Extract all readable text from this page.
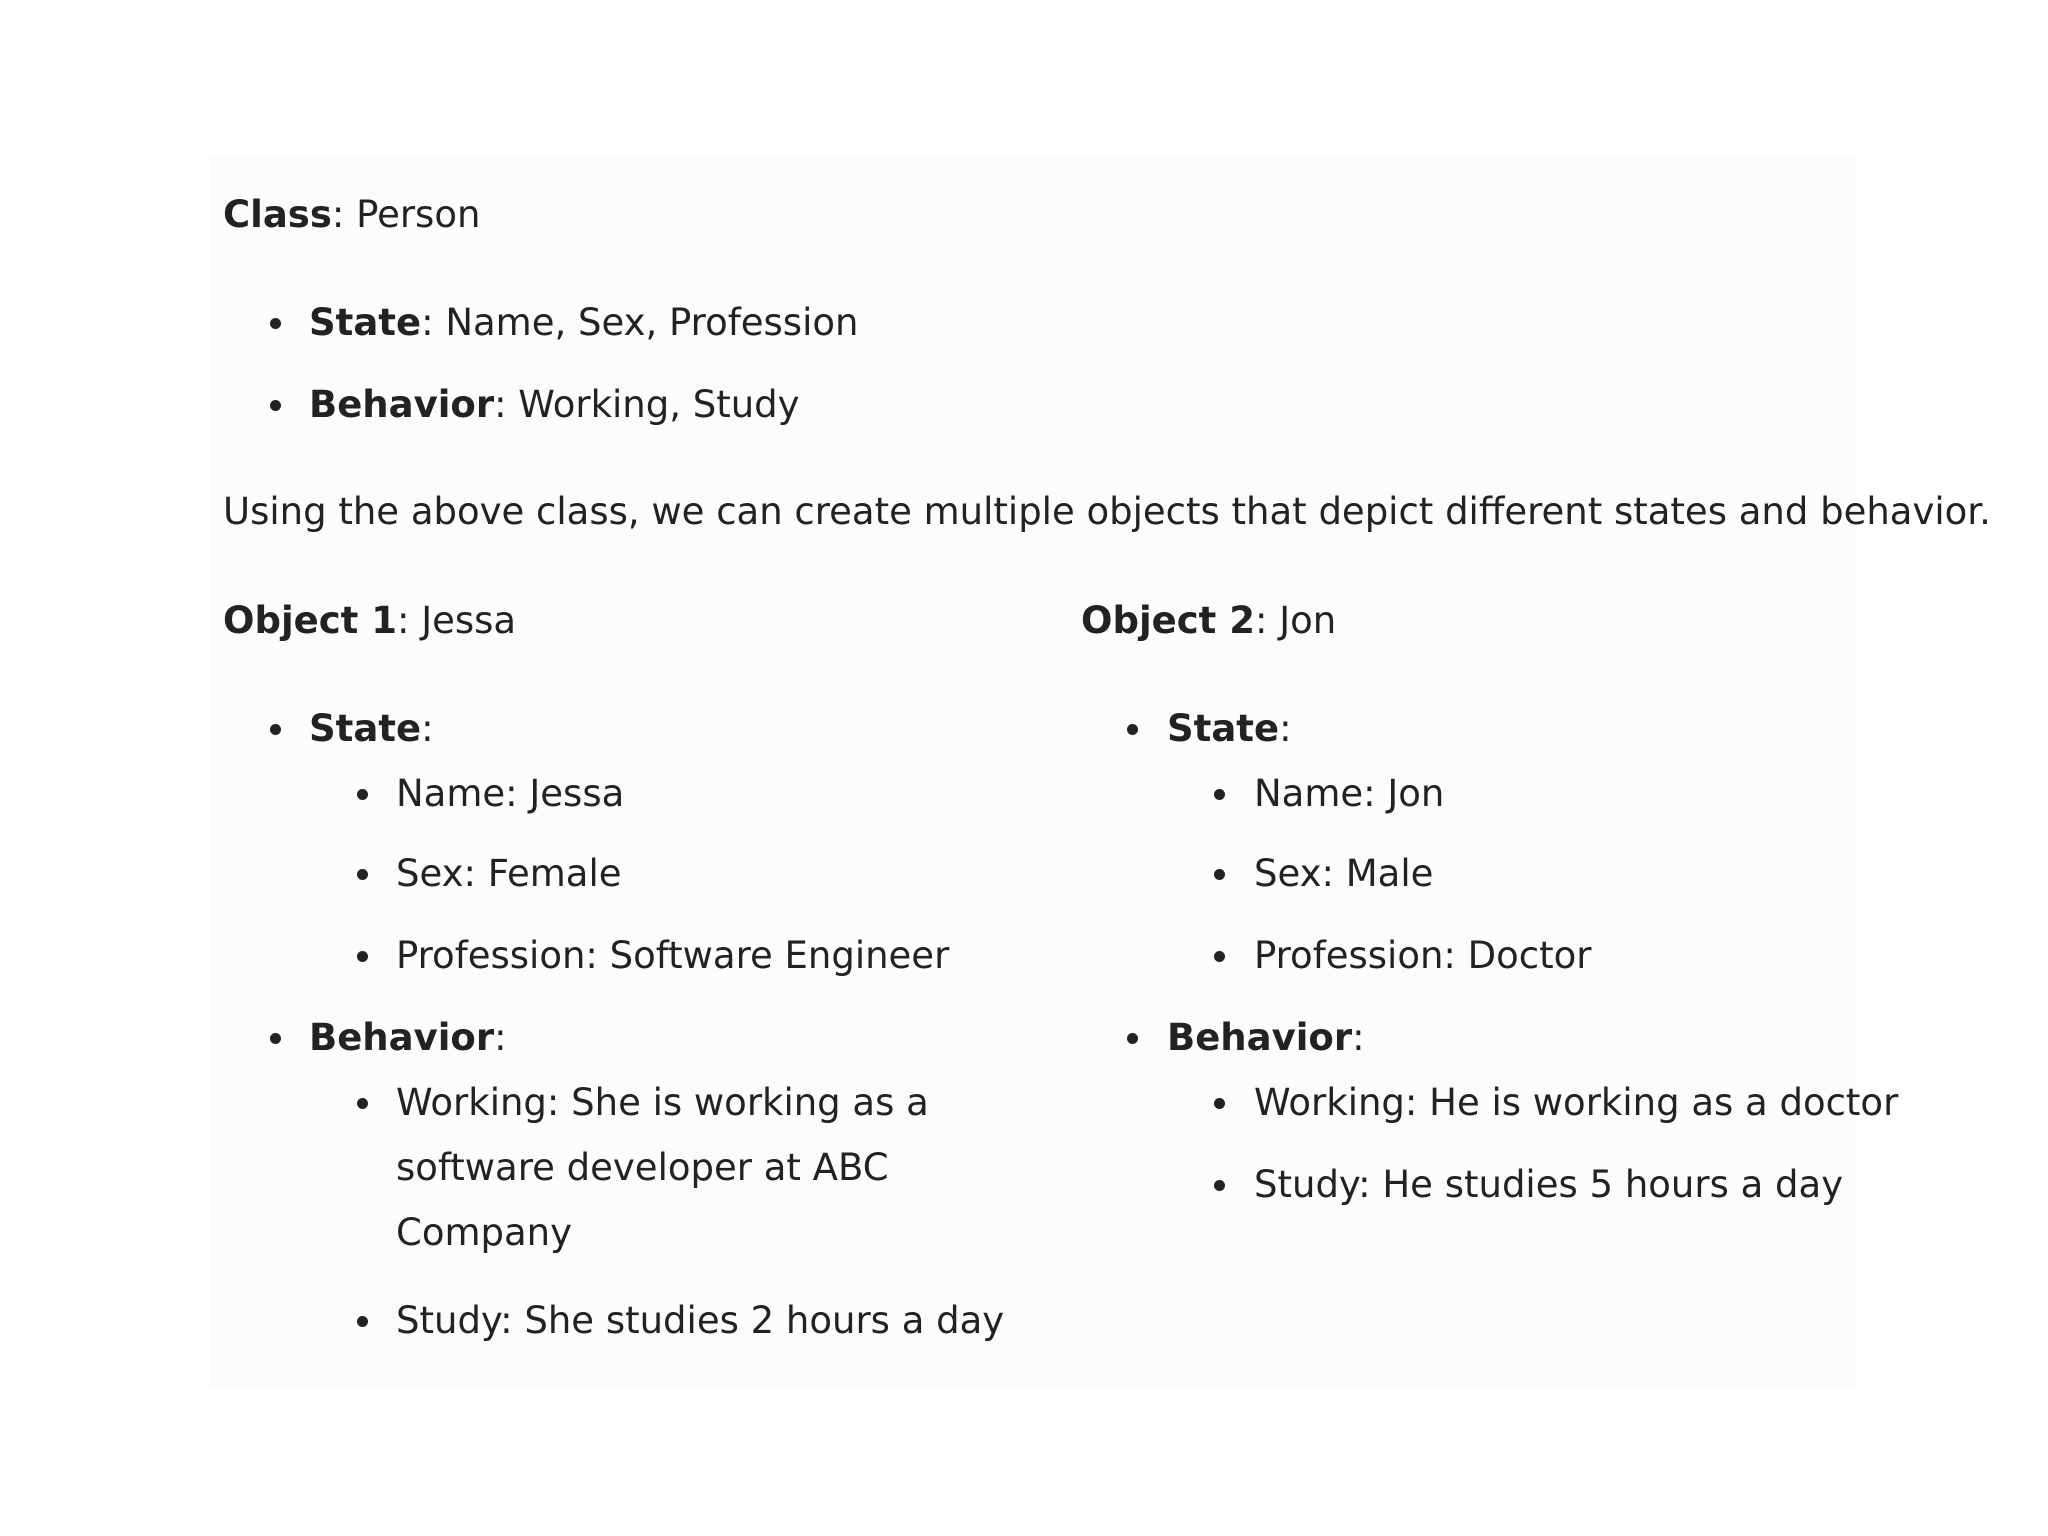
Class: Person
State: Name, Sex, Profession
Behavior: Working, Study
Using the above class, we can create multiple objects that depict different states and behavior.
Object 1: Jessa
State:
Name: Jessa
Sex: Female
Profession: Software Engineer
Behavior:
Working: She is working as a
software developer at ABC
Company
Study: She studies 2 hours a day
Object 2: Jon
State:
Name: Jon
Sex: Male
Profession: Doctor
Behavior:
Working: He is working as a doctor
Study: He studies 5 hours a day
